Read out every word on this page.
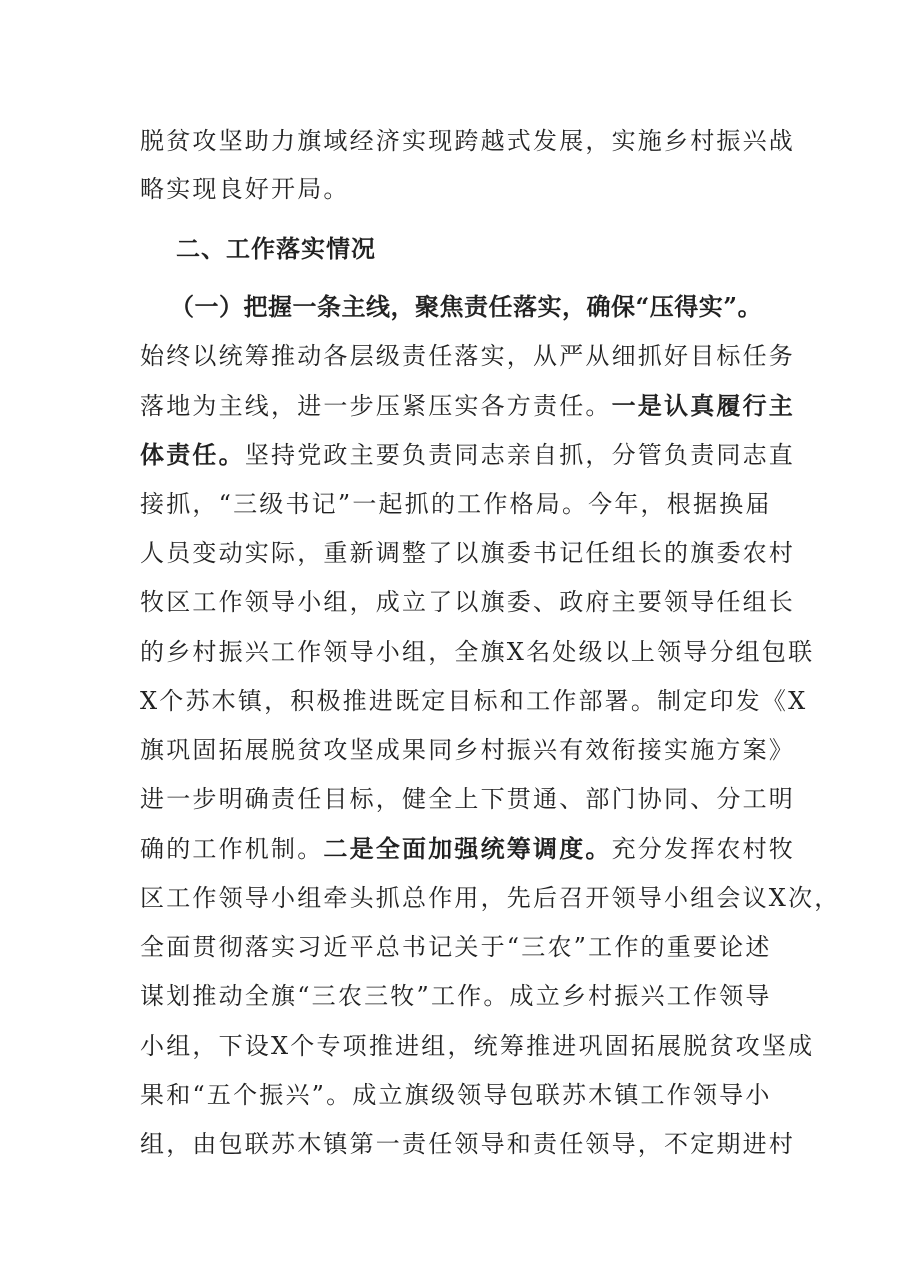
脱贫攻坚助力旗域经济实现跨越式发展，实施乡村振兴战
略实现良好开局。
二、工作落实情况
（一）把握一条主线，聚焦责任落实，确保“压得实”。
始终以统筹推动各层级责任落实，从严从细抓好目标任务
落地为主线，进一步压紧压实各方责任。一是认真履行主
体责任。坚持党政主要负责同志亲自抓，分管负责同志直
接抓，“三级书记”一起抓的工作格局。今年，根据换届
人员变动实际，重新调整了以旗委书记任组长的旗委农村
牧区工作领导小组，成立了以旗委、政府主要领导任组长
的乡村振兴工作领导小组，全旗X名处级以上领导分组包联
X个苏木镇，积极推进既定目标和工作部署。制定印发《X
旗巩固拓展脱贫攻坚成果同乡村振兴有效衔接实施方案》
进一步明确责任目标，健全上下贯通、部门协同、分工明
确的工作机制。二是全面加强统筹调度。充分发挥农村牧
区工作领导小组牵头抓总作用，先后召开领导小组会议X次，
全面贯彻落实习近平总书记关于“三农”工作的重要论述
谋划推动全旗“三农三牧”工作。成立乡村振兴工作领导
小组，下设X个专项推进组，统筹推进巩固拓展脱贫攻坚成
果和“五个振兴”。成立旗级领导包联苏木镇工作领导小
组，由包联苏木镇第一责任领导和责任领导，不定期进村
